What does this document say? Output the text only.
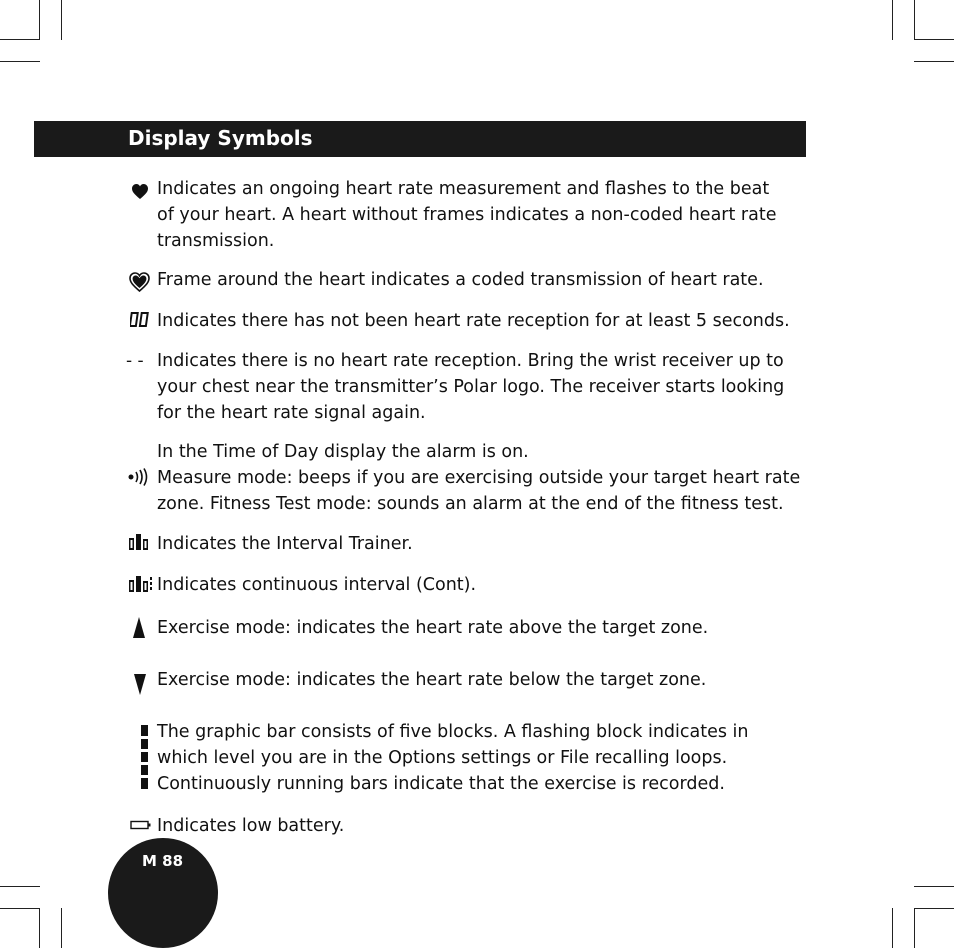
Display Symbols
Indicates an ongoing heart rate measurement and flashes to the beat
of your heart. A heart without frames indicates a non-coded heart rate
transmission.
Frame around the heart indicates a coded transmission of heart rate.
Indicates there has not been heart rate reception for at least 5 seconds.
- - Indicates there is no heart rate reception. Bring the wrist receiver up to
your chest near the transmitter’s Polar logo. The receiver starts looking
for the heart rate signal again.
In the Time of Day display the alarm is on.
Measure mode: beeps if you are exercising outside your target heart rate
zone. Fitness Test mode: sounds an alarm at the end of the fitness test.
Indicates the Interval Trainer.
Indicates continuous interval (Cont).
Exercise mode: indicates the heart rate above the target zone.
Exercise mode: indicates the heart rate below the target zone.
The graphic bar consists of five blocks. A flashing block indicates in
which level you are in the Options settings or File recalling loops.
Continuously running bars indicate that the exercise is recorded.
Indicates low battery.
M 88
